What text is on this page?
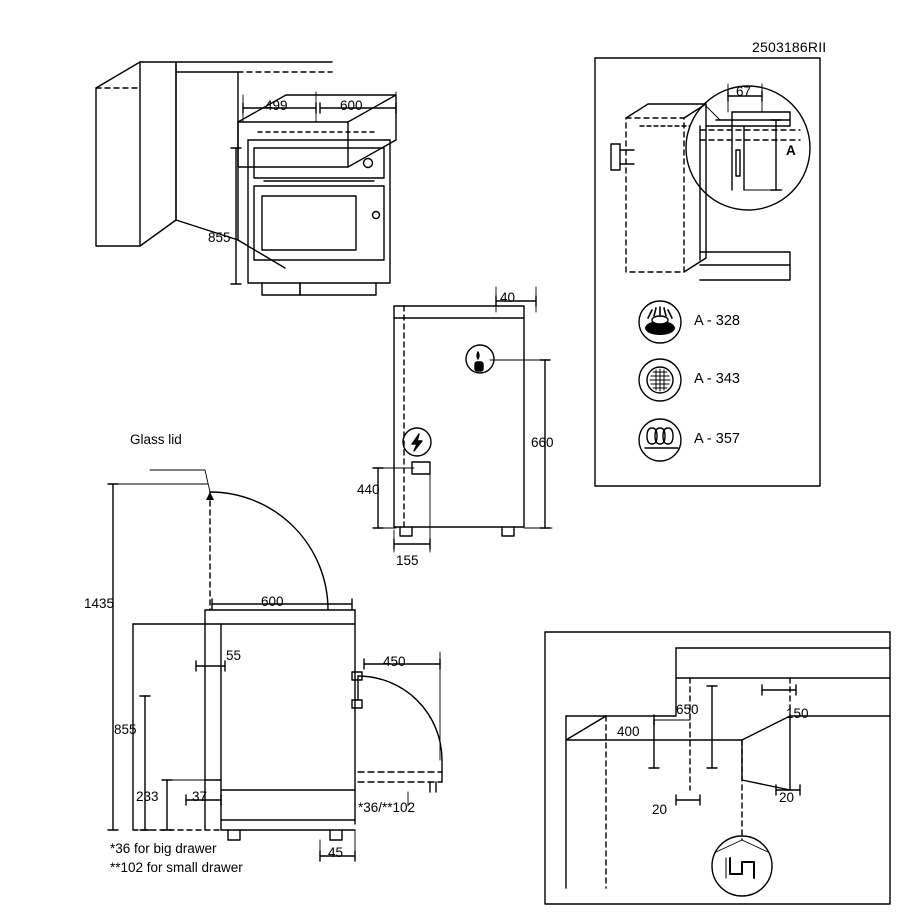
2503186RII
499	600
855
40
660
440
155
Glass lid
1435	600
450
55
855
233 37
45
*36/**102
*36 for big drawer
**102 for small drawer
67
A
A - 328
A - 343
A - 357
650	150
400
20
20
